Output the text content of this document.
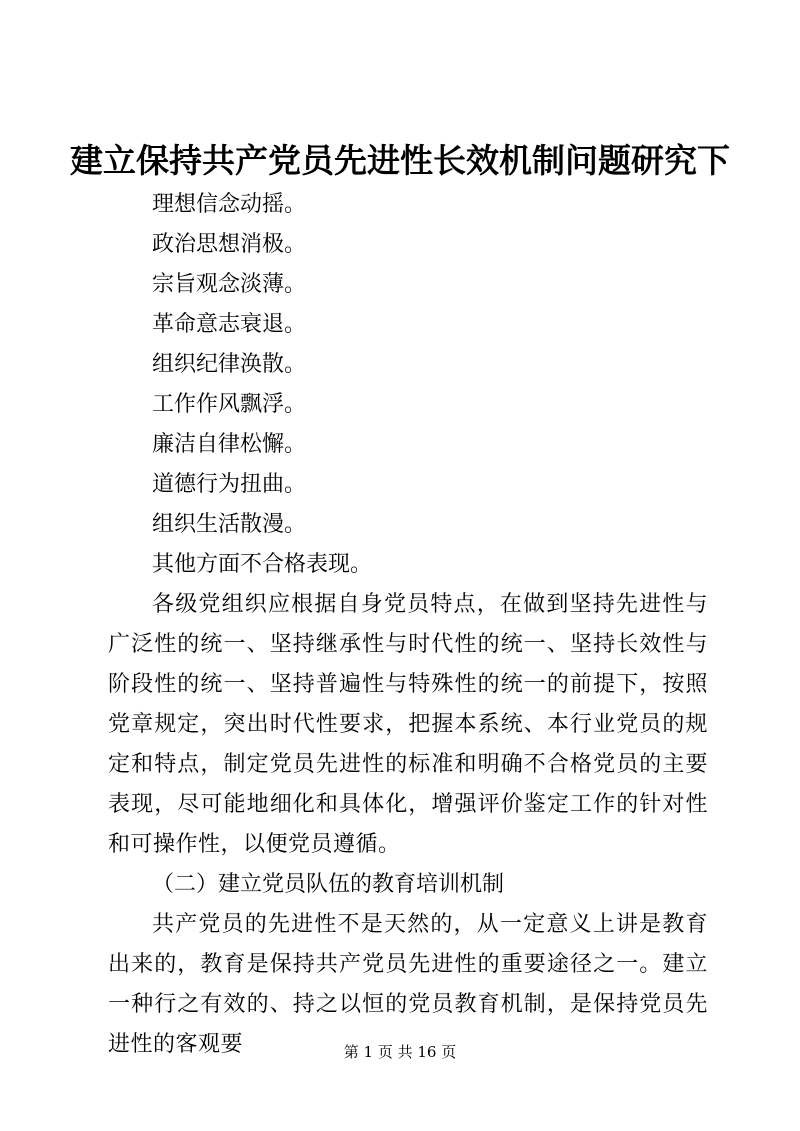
建立保持共产党员先进性长效机制问题研究下

理想信念动摇。

政治思想消极。

宗旨观念淡薄。

革命意志衰退。

组织纪律涣散。

工作作风飘浮。

廉洁自律松懈。

道德行为扭曲。

组织生活散漫。

其他方面不合格表现。

各级党组织应根据自身党员特点，在做到坚持先进性与广泛性的统一、坚持继承性与时代性的统一、坚持长效性与阶段性的统一、坚持普遍性与特殊性的统一的前提下，按照党章规定，突出时代性要求，把握本系统、本行业党员的规定和特点，制定党员先进性的标准和明确不合格党员的主要表现，尽可能地细化和具体化，增强评价鉴定工作的针对性和可操作性，以便党员遵循。

（二）建立党员队伍的教育培训机制

共产党员的先进性不是天然的，从一定意义上讲是教育出来的，教育是保持共产党员先进性的重要途径之一。建立一种行之有效的、持之以恒的党员教育机制，是保持党员先进性的客观要	第 1 页 共 16 页
